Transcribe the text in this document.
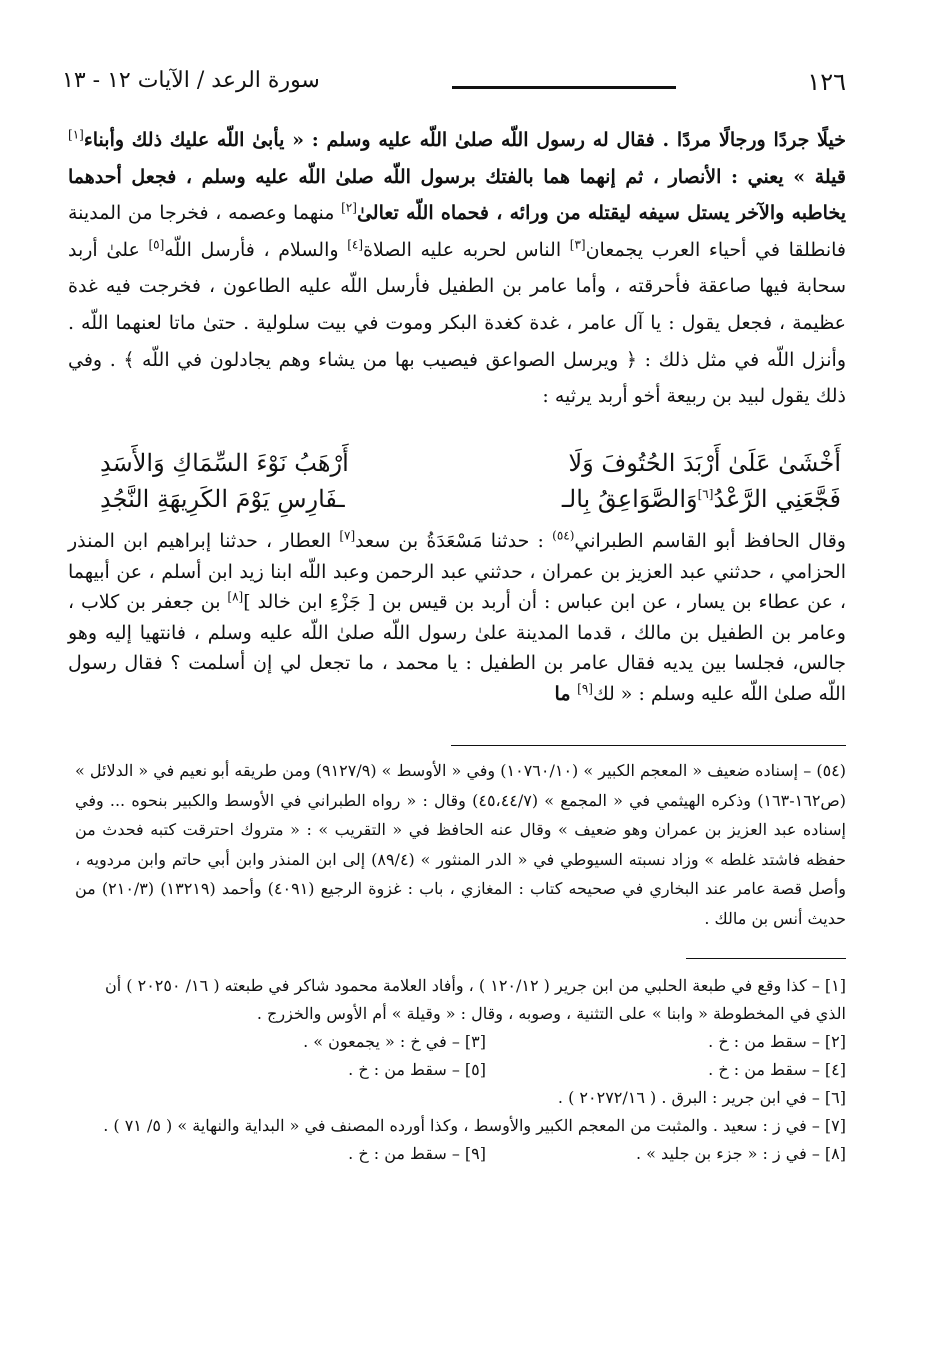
١٢٦
سورة الرعد / الآيات ١٢ - ١٣

خيلًا جردًا ورجالًا مردًا . فقال له رسول اللّه صلىٰ اللّه عليه وسلم : « يأبىٰ اللّه عليك ذلك وأبناء[١] قيلة » يعني : الأنصار ، ثم إنهما هما بالفتك برسول اللّه صلىٰ اللّه عليه وسلم ، فجعل أحدهما يخاطبه والآخر يستل سيفه ليقتله من ورائه ، فحماه اللّه تعالىٰ[٢] منهما وعصمه ، فخرجا من المدينة فانطلقا في أحياء العرب يجمعان[٣] الناس لحربه عليه الصلاة[٤] والسلام ، فأرسل اللّه[٥] علىٰ أربد سحابة فيها صاعقة فأحرقته ، وأما عامر بن الطفيل فأرسل اللّه عليه الطاعون ، فخرجت فيه غدة عظيمة ، فجعل يقول : يا آل عامر ، غدة كغدة البكر وموت في بيت سلولية . حتىٰ ماتا لعنهما اللّه . وأنزل اللّه في مثل ذلك : ﴿ ويرسل الصواعق فيصيب بها من يشاء وهم يجادلون في اللّه ﴾ . وفي ذلك يقول لبيد بن ربيعة أخو أربد يرثيه :

أَخْشَىٰ عَلَىٰ أَرْبَدَ الحُتُوفَ وَلَا
أَرْهَبُ نَوْءَ السِّمَاكِ وَالأَسَدِ
فَجَّعَنِي الرَّعْدُ[٦]وَالصَّوَاعِقُ بِالـ
ـفَارِسِ يَوْمَ الكَرِيهَةِ النَّجُدِ

وقال الحافظ أبو القاسم الطبراني$^{(٥٤)}$ : حدثنا مَسْعَدَةُ بن سعد[٧] العطار ، حدثنا إبراهيم ابن المنذر الحزامي ، حدثني عبد العزيز بن عمران ، حدثني عبد الرحمن وعبد اللّه ابنا زيد ابن أسلم ، عن أبيهما ، عن عطاء بن يسار ، عن ابن عباس : أن أربد بن قيس بن [ جَزْءِ ابن خالد ][٨] بن جعفر بن كلاب ، وعامر بن الطفيل بن مالك ، قدما المدينة علىٰ رسول اللّه صلىٰ اللّه عليه وسلم ، فانتهيا إليه وهو جالس، فجلسا بين يديه فقال عامر بن الطفيل : يا محمد ، ما تجعل لي إن أسلمت ؟ فقال رسول اللّه صلىٰ اللّه عليه وسلم : « لك[٩] ما

(٥٤) – إسناده ضعيف « المعجم الكبير » (١٠٧٦٠/١٠) وفي « الأوسط » (٩١٢٧/٩) ومن طريقه أبو نعيم في « الدلائل » (ص١٦٢-١٦٣) وذكره الهيثمي في « المجمع » (٤٥،٤٤/٧) وقال : « رواه الطبراني في الأوسط والكبير بنحوه ... وفي إسناده عبد العزيز بن عمران وهو ضعيف » وقال عنه الحافظ في « التقريب » : « متروك احترقت كتبه فحدث من حفظه فاشتد غلطه » وزاد نسبته السيوطي في « الدر المنثور » (٨٩/٤) إلى ابن المنذر وابن أبي حاتم وابن مردويه ، وأصل قصة عامر عند البخاري في صحيحه كتاب : المغازي ، باب : غزوة الرجيع (٤٠٩١) وأحمد (١٣٢١٩) (٢١٠/٣) من حديث أنس بن مالك .

[١] – كذا وقع في طبعة الحلبي من ابن جرير ( ١٢٠/١٢ ) ، وأفاد العلامة محمود شاكر في طبعته ( ١٦/ ٢٠٢٥٠ ) أن الذي في المخطوطة « وابنا » على التثنية ، وصوبه ، وقال : « وقيلة » أم الأوس والخزرج .

[٢] – سقط من : خ .
[٣] – في خ : « يجمعون » .
[٤] – سقط من : خ .
[٥] – سقط من : خ .

[٦] – في ابن جرير : البرق . ( ٢٠٢٧٢/١٦ ) .

[٧] – في ز : سعيد . والمثبت من المعجم الكبير والأوسط ، وكذا أورده المصنف في « البداية والنهاية » ( ٥/ ٧١ ) .

[٨] – في ز : « جزء بن جليد » .
[٩] – سقط من : خ .
